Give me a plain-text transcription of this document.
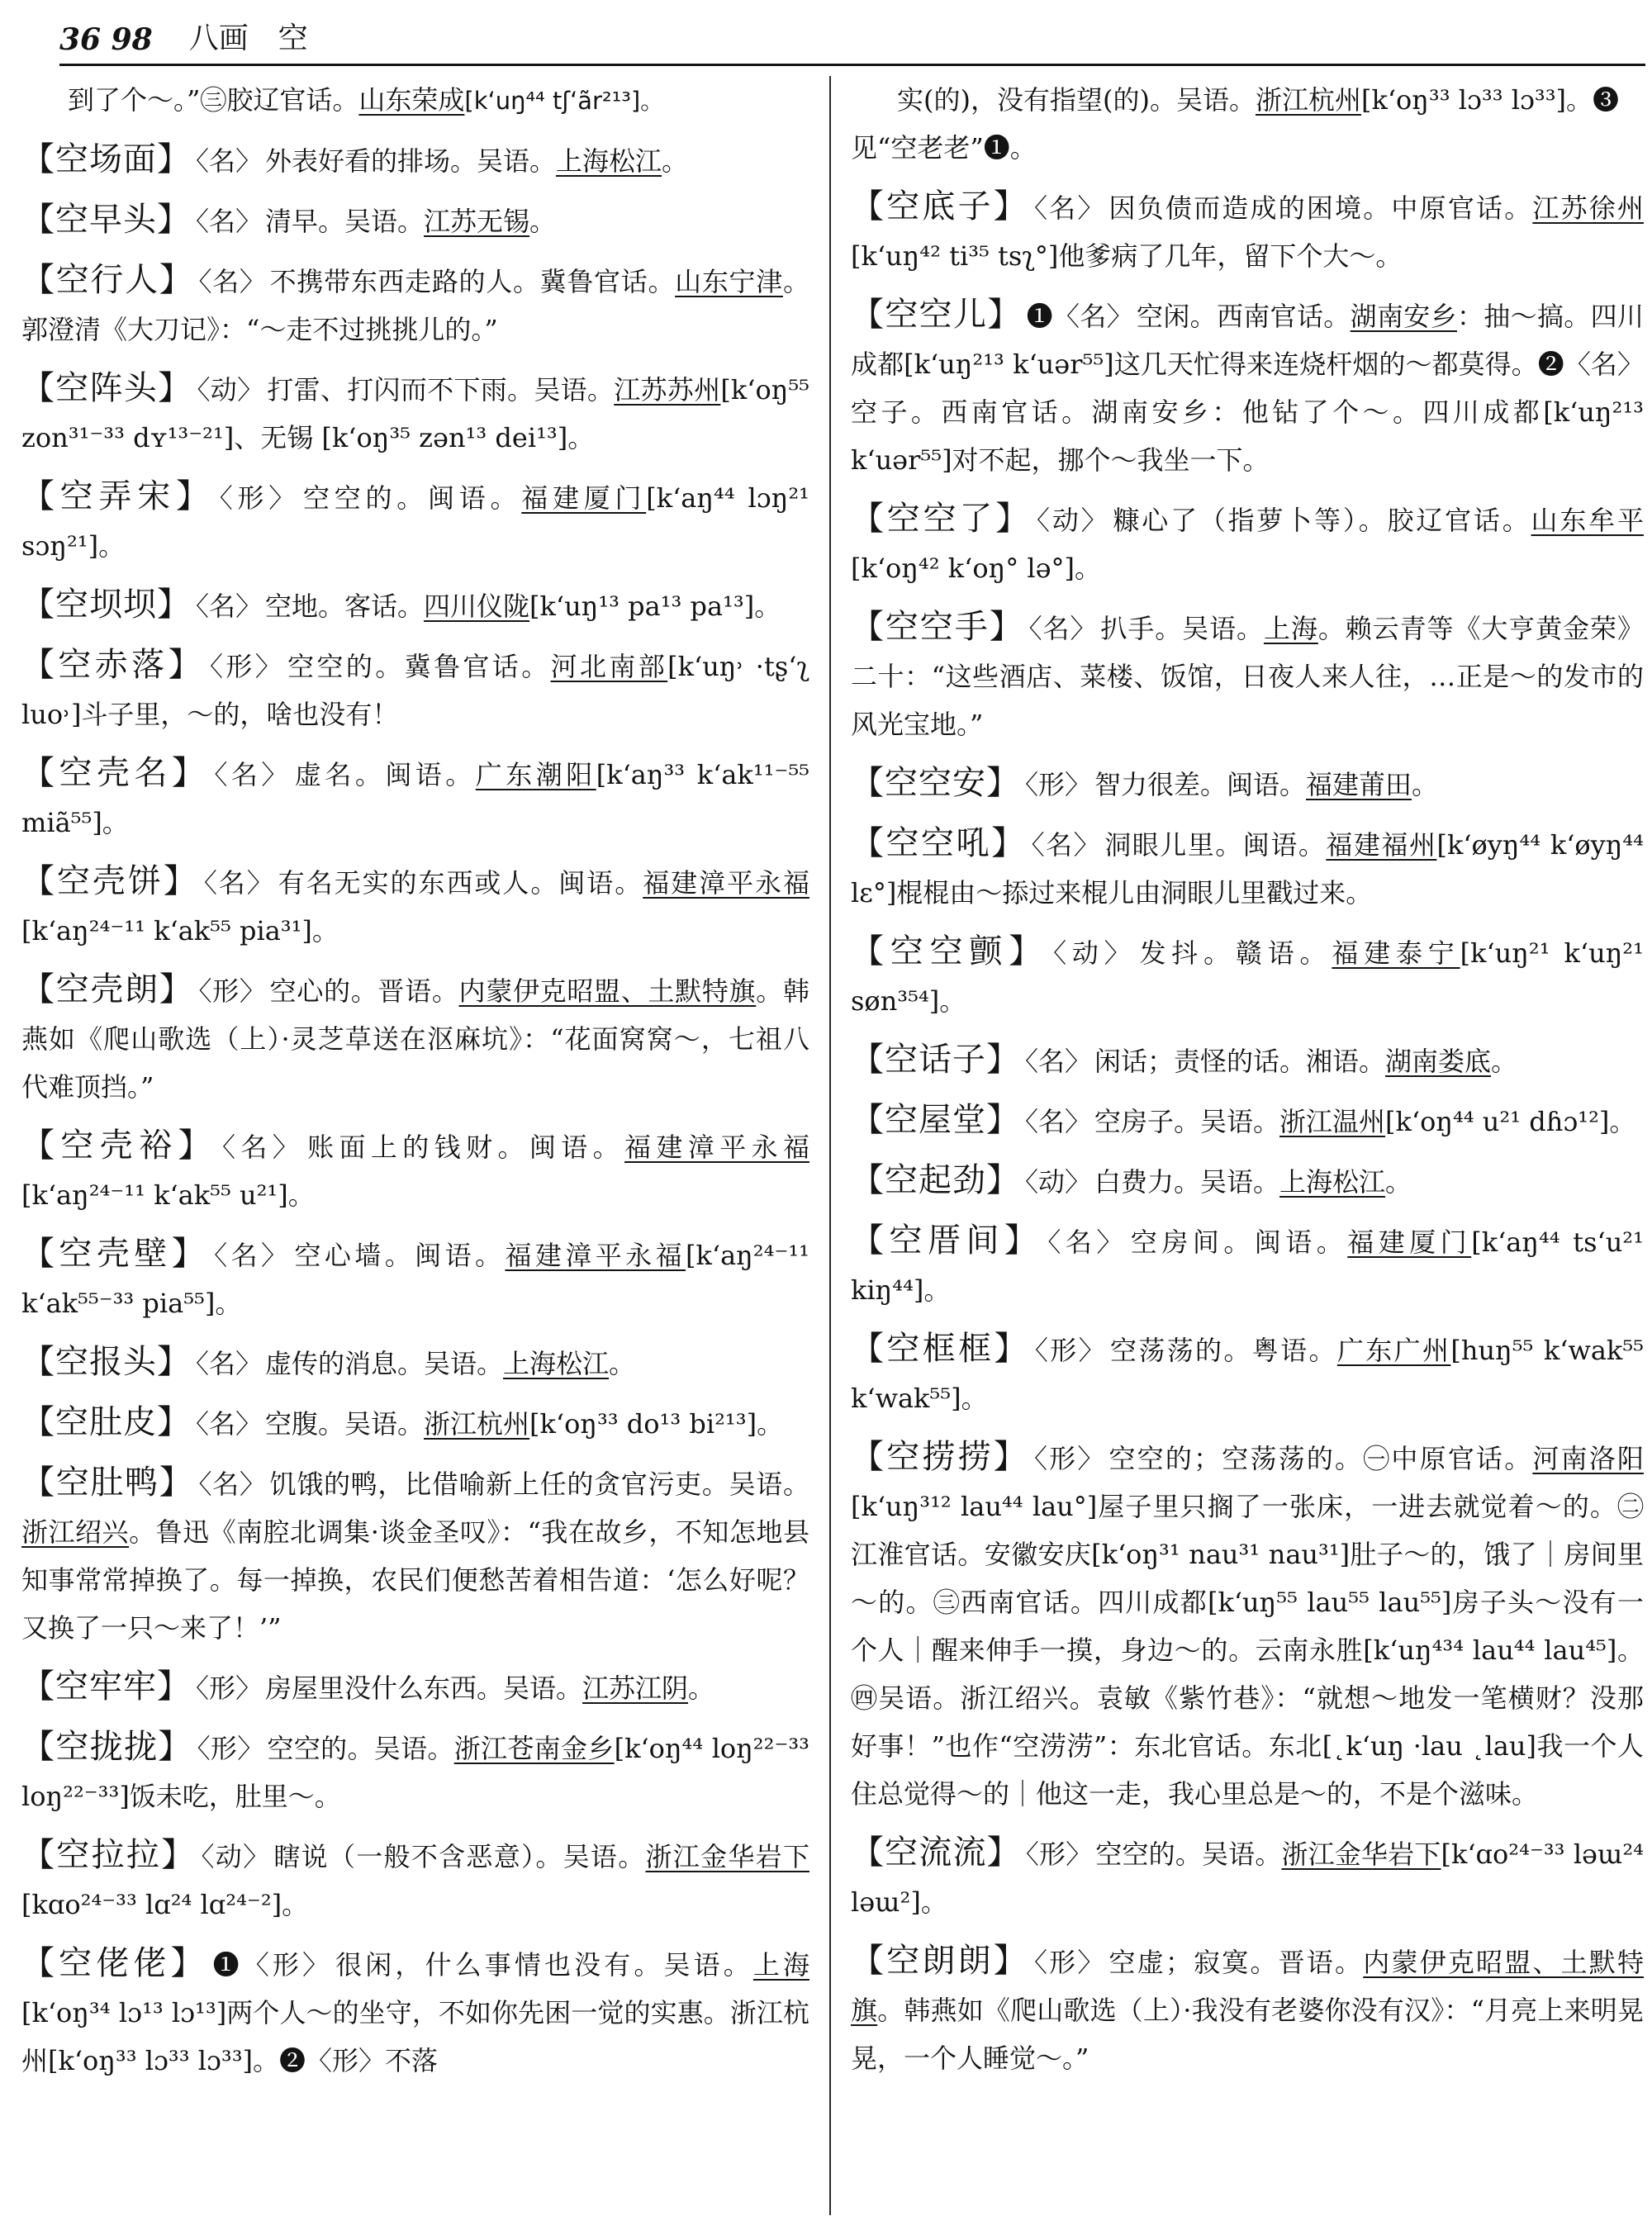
36 98 八画　空

到了个～。”㊂胶辽官话。山东荣成[k‘uŋ⁴⁴ tʃ‘ãr²¹³]。

【空场面】 〈名〉 外表好看的排场。吴语。上海松江。

【空早头】 〈名〉 清早。吴语。江苏无锡。

【空行人】 〈名〉 不携带东西走路的人。冀鲁官话。山东宁津。郭澄清《大刀记》：“～走不过挑挑儿的。”

【空阵头】 〈动〉 打雷、打闪而不下雨。吴语。江苏苏州[k‘oŋ⁵⁵ zon³¹⁻³³ dʏ¹³⁻²¹]、无锡 [k‘oŋ³⁵ zən¹³ dei¹³]。

【空弄宋】 〈形〉 空空的。闽语。福建厦门[k‘aŋ⁴⁴ lɔŋ²¹ sɔŋ²¹]。

【空坝坝】 〈名〉 空地。客话。四川仪陇[k‘uŋ¹³ pa¹³ pa¹³]。

【空赤落】 〈形〉 空空的。冀鲁官话。河北南部[k‘uŋ˒ ·tʂ‘ʅ luo˒]斗子里，～的，啥也没有！

【空壳名】 〈名〉 虚名。闽语。广东潮阳[k‘aŋ³³ k‘ak¹¹⁻⁵⁵ miã⁵⁵]。

【空壳饼】 〈名〉 有名无实的东西或人。闽语。福建漳平永福[k‘aŋ²⁴⁻¹¹ k‘ak⁵⁵ pia³¹]。

【空壳朗】 〈形〉 空心的。晋语。内蒙伊克昭盟、土默特旗。韩燕如《爬山歌选（上）·灵芝草送在沤麻坑》：“花面窝窝～，七祖八代难顶挡。”

【空壳裕】 〈名〉 账面上的钱财。闽语。福建漳平永福[k‘aŋ²⁴⁻¹¹ k‘ak⁵⁵ u²¹]。

【空壳壁】 〈名〉 空心墙。闽语。福建漳平永福[k‘aŋ²⁴⁻¹¹ k‘ak⁵⁵⁻³³ pia⁵⁵]。

【空报头】 〈名〉 虚传的消息。吴语。上海松江。

【空肚皮】 〈名〉 空腹。吴语。浙江杭州[k‘oŋ³³ do¹³ bi²¹³]。

【空肚鸭】 〈名〉 饥饿的鸭，比借喻新上任的贪官污吏。吴语。浙江绍兴。鲁迅《南腔北调集·谈金圣叹》：“我在故乡，不知怎地县知事常常掉换了。每一掉换，农民们便愁苦着相告道：‘怎么好呢？又换了一只～来了！’”

【空牢牢】 〈形〉 房屋里没什么东西。吴语。江苏江阴。

【空拢拢】 〈形〉 空空的。吴语。浙江苍南金乡[k‘oŋ⁴⁴ loŋ²²⁻³³ loŋ²²⁻³³]饭未吃，肚里～。

【空拉拉】 〈动〉 瞎说（一般不含恶意）。吴语。浙江金华岩下[kɑo²⁴⁻³³ lɑ²⁴ lɑ²⁴⁻²]。

【空佬佬】 ❶〈形〉 很闲，什么事情也没有。吴语。上海[k‘oŋ³⁴ lɔ¹³ lɔ¹³]两个人～的坐守，不如你先困一觉的实惠。浙江杭州[k‘oŋ³³ lɔ³³ lɔ³³]。❷〈形〉不落

实(的)，没有指望(的)。吴语。浙江杭州[k‘oŋ³³ lɔ³³ lɔ³³]。❸见“空老老”❶。

【空底子】 〈名〉 因负债而造成的困境。中原官话。江苏徐州[k‘uŋ⁴² ti³⁵ tsʅ°]他爹病了几年，留下个大～。

【空空儿】 ❶〈名〉 空闲。西南官话。湖南安乡：抽～搞。四川成都[k‘uŋ²¹³ k‘uər⁵⁵]这几天忙得来连烧杆烟的～都莫得。❷〈名〉空子。西南官话。湖南安乡：他钻了个～。四川成都[k‘uŋ²¹³ k‘uər⁵⁵]对不起，挪个～我坐一下。

【空空了】 〈动〉 糠心了（指萝卜等）。胶辽官话。山东牟平[k‘oŋ⁴² k‘oŋ° lə°]。

【空空手】 〈名〉 扒手。吴语。上海。赖云青等《大亨黄金荣》二十：“这些酒店、菜楼、饭馆，日夜人来人往，…正是～的发市的风光宝地。”

【空空安】 〈形〉 智力很差。闽语。福建莆田。

【空空吼】 〈名〉 洞眼儿里。闽语。福建福州[k‘øyŋ⁴⁴ k‘øyŋ⁴⁴ lɛ°]棍棍由～掭过来棍儿由洞眼儿里戳过来。

【空空颤】 〈动〉 发抖。赣语。福建泰宁[k‘uŋ²¹ k‘uŋ²¹ søn³⁵⁴]。

【空话子】 〈名〉 闲话；责怪的话。湘语。湖南娄底。

【空屋堂】 〈名〉 空房子。吴语。浙江温州[k‘oŋ⁴⁴ u²¹ dɦɔ¹²]。

【空起劲】 〈动〉 白费力。吴语。上海松江。

【空厝间】 〈名〉 空房间。闽语。福建厦门[k‘aŋ⁴⁴ ts‘u²¹ kiŋ⁴⁴]。

【空框框】 〈形〉 空荡荡的。粤语。广东广州[huŋ⁵⁵ k‘wak⁵⁵ k‘wak⁵⁵]。

【空捞捞】 〈形〉 空空的；空荡荡的。㊀中原官话。河南洛阳[k‘uŋ³¹² lau⁴⁴ lau°]屋子里只搁了一张床，一进去就觉着～的。㊁江淮官话。安徽安庆[k‘oŋ³¹ nau³¹ nau³¹]肚子～的，饿了｜房间里～的。㊂西南官话。四川成都[k‘uŋ⁵⁵ lau⁵⁵ lau⁵⁵]房子头～没有一个人｜醒来伸手一摸，身边～的。云南永胜[k‘uŋ⁴³⁴ lau⁴⁴ lau⁴⁵]。㊃吴语。浙江绍兴。袁敏《紫竹巷》：“就想～地发一笔横财？没那好事！”也作“空涝涝”：东北官话。东北[˛k‘uŋ ·lau ˛lau]我一个人住总觉得～的｜他这一走，我心里总是～的，不是个滋味。

【空流流】 〈形〉 空空的。吴语。浙江金华岩下[k‘ɑo²⁴⁻³³ ləɯ²⁴ ləɯ²]。

【空朗朗】 〈形〉 空虚；寂寞。晋语。内蒙伊克昭盟、土默特旗。韩燕如《爬山歌选（上）·我没有老婆你没有汉》：“月亮上来明晃晃，一个人睡觉～。”
